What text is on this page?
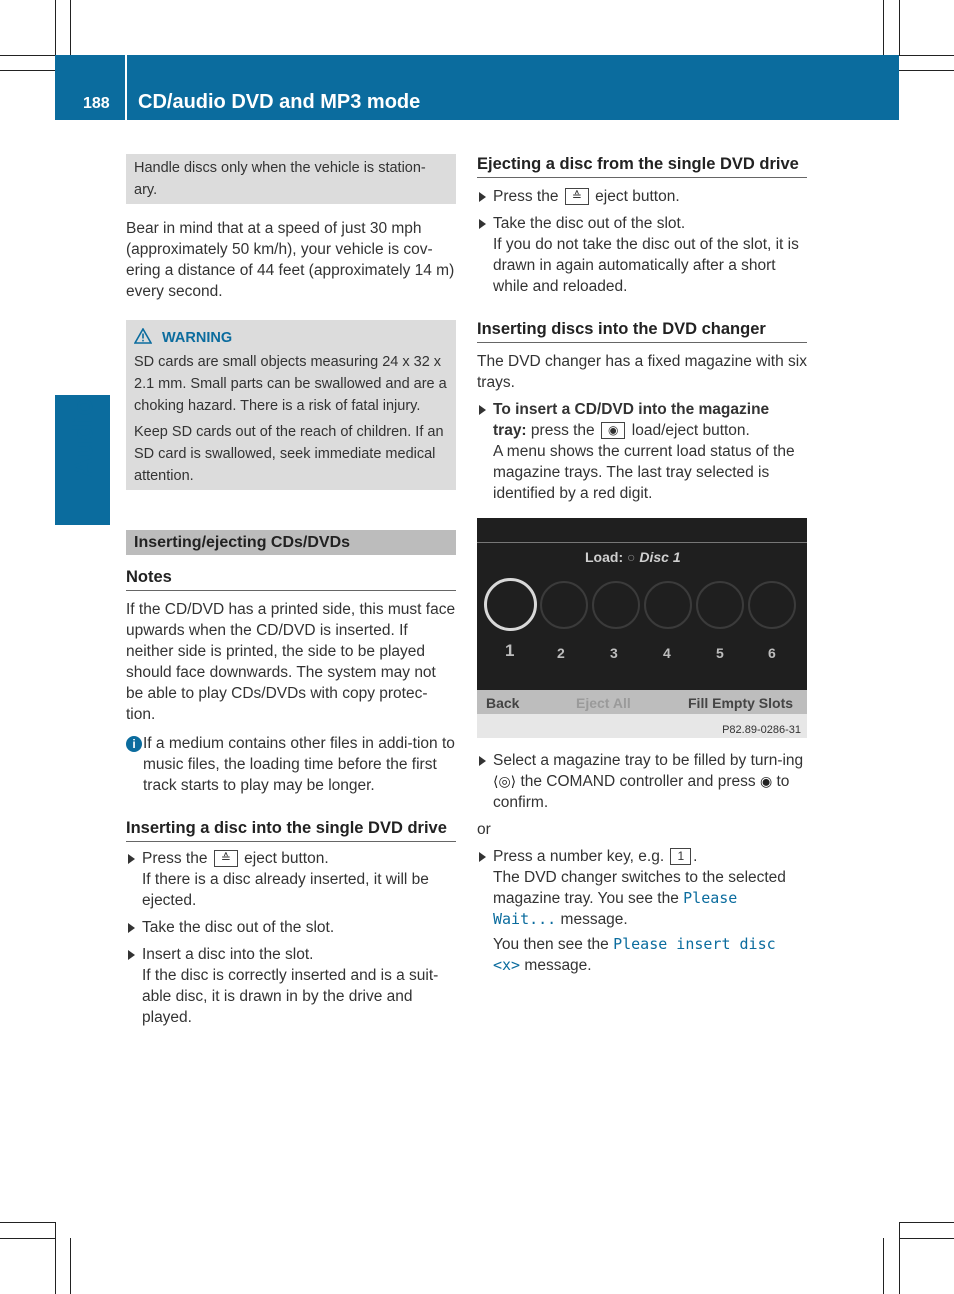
188 CD/audio DVD and MP3 mode
Audio
Handle discs only when the vehicle is station-ary.

Bear in mind that at a speed of just 30 mph (approximately 50 km/h), your vehicle is cov-ering a distance of 44 feet (approximately 14 m) every second.

WARNING

SD cards are small objects measuring 24 x 32 x 2.1 mm. Small parts can be swallowed and are a choking hazard. There is a risk of fatal injury.

Keep SD cards out of the reach of children. If an SD card is swallowed, seek immediate medical attention.

Inserting/ejecting CDs/DVDs
Notes

If the CD/DVD has a printed side, this must face upwards when the CD/DVD is inserted. If neither side is printed, the side to be played should face downwards. The system may not be able to play CDs/DVDs with copy protec-tion.

i If a medium contains other files in addi-tion to music files, the loading time before the first track starts to play may be longer.
Inserting a disc into the single DVD drive

Press the ≙ eject button.

If there is a disc already inserted, it will be ejected.

Take the disc out of the slot.

Insert a disc into the slot.

If the disc is correctly inserted and is a suit-able disc, it is drawn in by the drive and played.

Ejecting a disc from the single DVD drive

Press the ≙ eject button.

Take the disc out of the slot.

If you do not take the disc out of the slot, it is drawn in again automatically after a short while and reloaded.

Inserting discs into the DVD changer

The DVD changer has a fixed magazine with six trays.

To insert a CD/DVD into the magazine tray: press the ◉ load/eject button.

A menu shows the current load status of the magazine trays. The last tray selected is identified by a red digit.

Load: ○ Disc 1
1	2	3	4	5	6
Back	Eject All	Fill Empty Slots
P82.89-0286-31

Select a magazine tray to be filled by turn-ing ⟨◎⟩ the COMAND controller and press ◉ to confirm.

or

Press a number key, e.g. 1 .

The DVD changer switches to the selected magazine tray. You see the Please Wait... message.

You then see the Please insert disc <x> message.
